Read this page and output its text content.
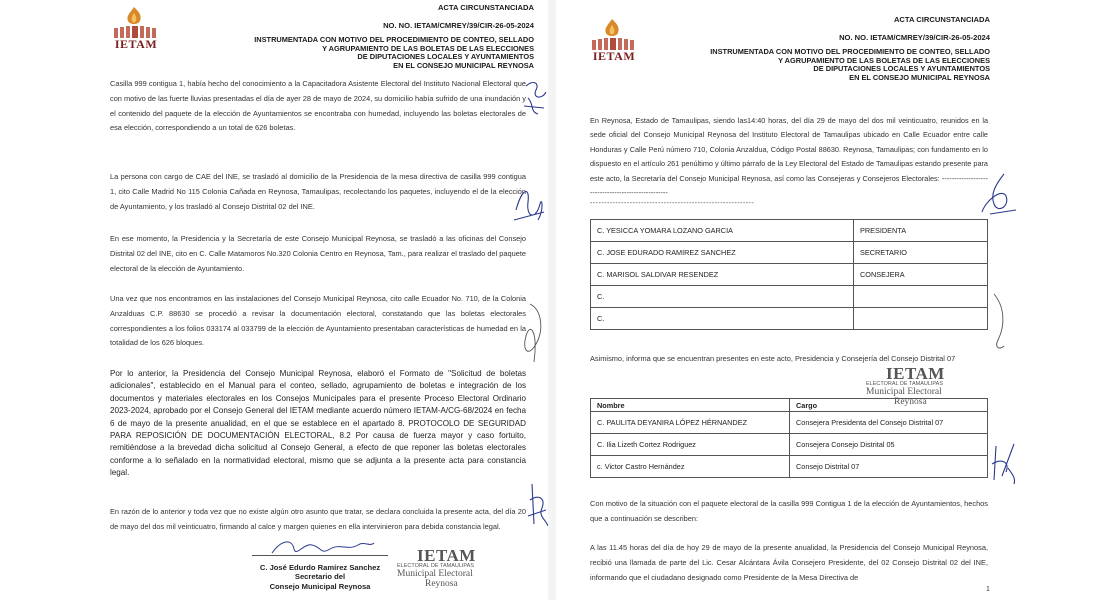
IETAM
ACTA CIRCUNSTANCIADA
NO. NO. IETAM/CMREY/39/CIR-26-05-2024
INSTRUMENTADA CON MOTIVO DEL PROCEDIMIENTO DE CONTEO, SELLADO
Y AGRUPAMIENTO DE LAS BOLETAS DE LAS ELECCIONES
DE DIPUTACIONES LOCALES Y AYUNTAMIENTOS
EN EL CONSEJO MUNICIPAL REYNOSA
Casilla 999 contigua 1, había hecho del conocimiento a la Capacitadora Asistente Electoral del Instituto Nacional Electoral que con motivo de las fuerte lluvias presentadas el día de ayer 28 de mayo de 2024, su domicilio había sufrido de una inundación y el contenido del paquete de la elección de Ayuntamientos se encontraba con humedad, incluyendo las boletas electorales de esa elección, correspondiendo a un total de 626 boletas.
La persona con cargo de CAE del INE, se trasladó al domicilio de la Presidencia de la mesa directiva de casilla 999 contigua 1, cito Calle Madrid No 115 Colonia Cañada en Reynosa, Tamaulipas, recolectando los paquetes, incluyendo el de la elección de Ayuntamiento, y los trasladó al Consejo Distrital 02 del INE.
En ese momento, la Presidencia y la Secretaría de este Consejo Municipal Reynosa, se trasladó a las oficinas del Consejo Distrital 02 del INE, cito en C. Calle Matamoros No.320 Colonia Centro en Reynosa, Tam., para realizar el traslado del paquete electoral de la elección de Ayuntamiento.
Una vez que nos encontramos en las instalaciones del Consejo Municipal Reynosa, cito calle Ecuador No. 710, de la Colonia Anzalduas C.P. 88630 se procedió a revisar la documentación electoral, constatando que las boletas electorales correspondientes a los folios 033174 al 033799 de la elección de Ayuntamiento presentaban características de humedad en la totalidad de los 626 bloques.
Por lo anterior, la Presidencia del Consejo Municipal Reynosa, elaboró el Formato de "Solicitud de boletas adicionales", establecido en el Manual para el conteo, sellado, agrupamiento de boletas e integración de los documentos y materiales electorales en los Consejos Municipales para el presente Proceso Electoral Ordinario 2023-2024, aprobado por el Consejo General del IETAM mediante acuerdo número IETAM-A/CG-68/2024 en fecha 6 de mayo de la presente anualidad, en el que se establece en el apartado 8. PROTOCOLO DE SEGURIDAD PARA REPOSICIÓN DE DOCUMENTACIÓN ELECTORAL, 8.2 Por causa de fuerza mayor y caso fortuito, remitiéndose a la brevedad dicha solicitud al Consejo General, a efecto de que reponer las boletas electorales conforme a lo señalado en la normatividad electoral, mismo que se adjunta a la presente acta para constancia legal.
En razón de lo anterior y toda vez que no existe algún otro asunto que tratar, se declara concluida la presente acta, del día 20 de mayo del dos mil veinticuatro, firmando al calce y margen quienes en ella intervinieron para debida constancia legal.
C. José Edurdo Ramírez Sanchez
Secretario del
Consejo Municipal Reynosa
IETAM
ELECTORAL DE TAMAULIPAS
Municipal Electoral
Reynosa
IETAM
ACTA CIRCUNSTANCIADA
NO. NO. IETAM/CMREY/39/CIR-26-05-2024
INSTRUMENTADA CON MOTIVO DEL PROCEDIMIENTO DE CONTEO, SELLADO
Y AGRUPAMIENTO DE LAS BOLETAS DE LAS ELECCIONES
DE DIPUTACIONES LOCALES Y AYUNTAMIENTOS
EN EL CONSEJO MUNICIPAL REYNOSA
En Reynosa, Estado de Tamaulipas, siendo las14:40 horas, del día 29 de mayo del dos mil veinticuatro, reunidos en la sede oficial del Consejo Municipal Reynosa del Instituto Electoral de Tamaulipas ubicado en Calle Ecuador entre calle Honduras y Calle Perú número 710, Colonia Anzaldua, Código Postal 88630. Reynosa, Tamaulipas; con fundamento en lo dispuesto en el artículo 261 penúltimo y último párrafo de la Ley Electoral del Estado de Tamaulipas estando presente para este acto, la Secretaría del Consejo Municipal Reynosa, así como las Consejeras y Consejeros Electorales: ---------------------------------------------------
----------------------------------------------------------
C. YESICCA YOMARA LOZANO GARCIA	PRESIDENTA
C. JOSE EDURADO RAMIREZ SANCHEZ	SECRETARIO
C. MARISOL SALDIVAR RESENDEZ	CONSEJERA
C.	
C.	
Asimismo, informa que se encuentran presentes en este acto, Presidencia y Consejería del Consejo Distrital 07
Nombre	Cargo
C. PAULITA DEYANIRA LÓPEZ HÉRNANDEZ	Consejera Presidenta del Consejo Distrital 07
C. Ilia Lizeth Cortez Rodriguez	Consejera Consejo Distrital 05
c. Victor Castro Hernández	Consejo Distrital 07
Con motivo de la situación con el paquete electoral de la casilla 999 Contigua 1 de la elección de Ayuntamientos, hechos que a continuación se describen:
A las 11.45 horas del día de hoy 29 de mayo de la presente anualidad, la Presidencia del Consejo Municipal Reynosa, recibió una llamada de parte del Lic. Cesar Alcántara Ávila Consejero Presidente, del 02 Consejo Distrital 02 del INE, informando que el ciudadano designado como Presidente de la Mesa Directiva de
1
IETAM
ELECTORAL DE TAMAULIPAS
Municipal Electoral
Reynosa
